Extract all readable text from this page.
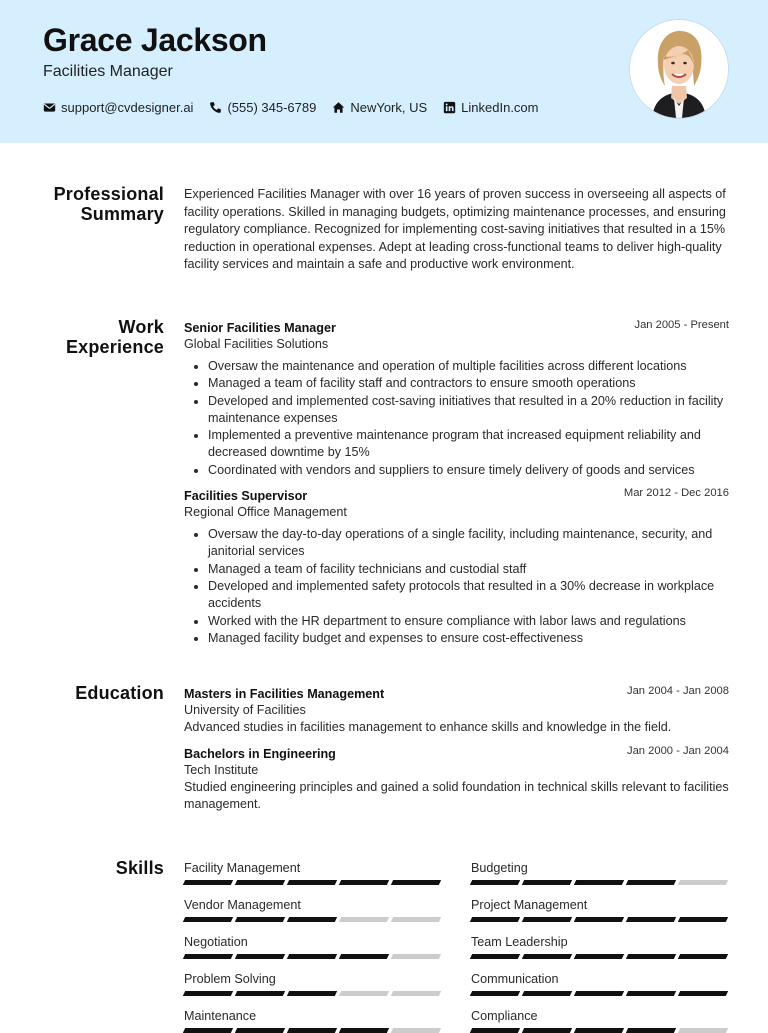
Grace Jackson
Facilities Manager
support@cvdesigner.ai	(555) 345-6789	NewYork, US	LinkedIn.com
Professional
Summary

Experienced Facilities Manager with over 16 years of proven success in overseeing all aspects of facility operations. Skilled in managing budgets, optimizing maintenance processes, and ensuring regulatory compliance. Recognized for implementing cost-saving initiatives that resulted in a 15% reduction in operational expenses. Adept at leading cross-functional teams to deliver high-quality facility services and maintain a safe and productive work environment.

Work
Experience
Senior Facilities Manager	Jan 2005 - Present
Global Facilities Solutions
• Oversaw the maintenance and operation of multiple facilities across different locations
• Managed a team of facility staff and contractors to ensure smooth operations
• Developed and implemented cost-saving initiatives that resulted in a 20% reduction in facility maintenance expenses
• Implemented a preventive maintenance program that increased equipment reliability and decreased downtime by 15%
• Coordinated with vendors and suppliers to ensure timely delivery of goods and services
Facilities Supervisor	Mar 2012 - Dec 2016
Regional Office Management
• Oversaw the day-to-day operations of a single facility, including maintenance, security, and janitorial services
• Managed a team of facility technicians and custodial staff
• Developed and implemented safety protocols that resulted in a 30% decrease in workplace accidents
• Worked with the HR department to ensure compliance with labor laws and regulations
• Managed facility budget and expenses to ensure cost-effectiveness
Education Masters in Facilities Management	Jan 2004 - Jan 2008
University of Facilities

Advanced studies in facilities management to enhance skills and knowledge in the field.

Bachelors in Engineering	Jan 2000 - Jan 2004
Tech Institute

Studied engineering principles and gained a solid foundation in technical skills relevant to facilities management.

Skills Facility Management	Budgeting
Vendor Management	Project Management
Negotiation	Team Leadership
Problem Solving	Communication
Maintenance	Compliance
